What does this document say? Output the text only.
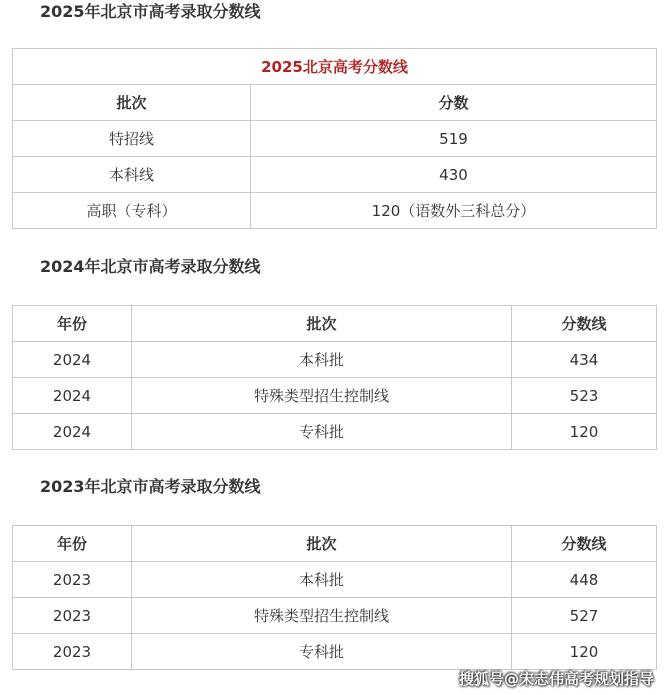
2025年北京市高考录取分数线
2025北京高考分数线	
批次	分数
特招线	519
本科线	430
高职（专科）	120（语数外三科总分）
2024年北京市高考录取分数线
年份	批次	分数线
2024	本科批	434
2024	特殊类型招生控制线	523
2024	专科批	120
2023年北京市高考录取分数线
年份	批次	分数线
2023	本科批	448
2023	特殊类型招生控制线	527
2023	专科批	120
搜狐号@宋志伟高考规划指导
